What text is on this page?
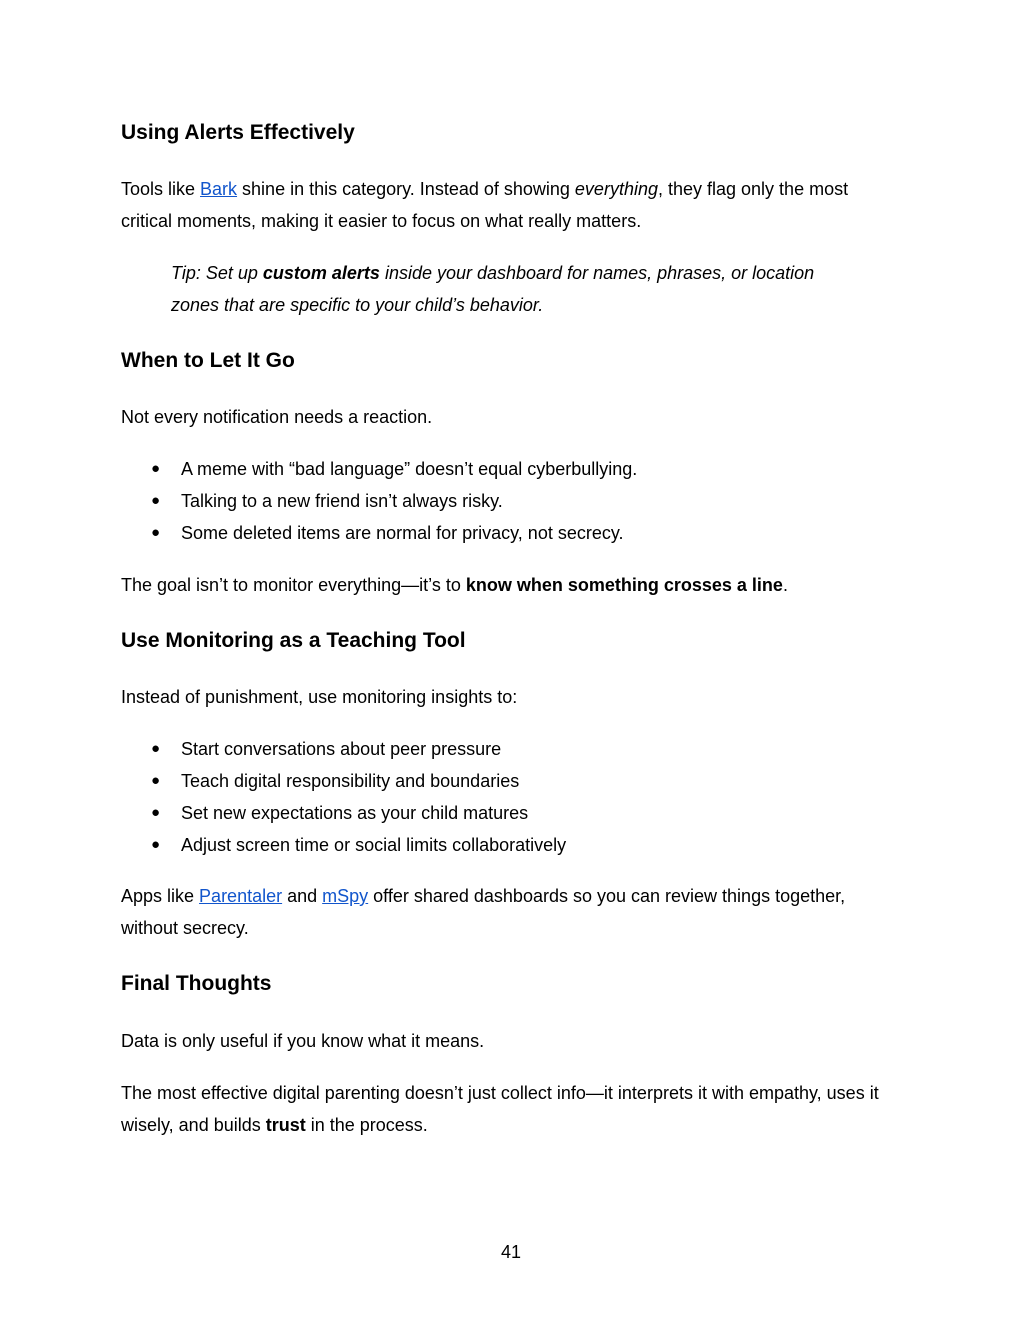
Using Alerts Effectively

Tools like Bark shine in this category. Instead of showing everything, they flag only the most

critical moments, making it easier to focus on what really matters.

Tip: Set up custom alerts inside your dashboard for names, phrases, or location

zones that are specific to your child’s behavior.

When to Let It Go

Not every notification needs a reaction.

● A meme with “bad language” doesn’t equal cyberbullying.

● Talking to a new friend isn’t always risky.

● Some deleted items are normal for privacy, not secrecy.

The goal isn’t to monitor everything—it’s to know when something crosses a line.

Use Monitoring as a Teaching Tool

Instead of punishment, use monitoring insights to:

● Start conversations about peer pressure

● Teach digital responsibility and boundaries

● Set new expectations as your child matures

● Adjust screen time or social limits collaboratively

Apps like Parentaler and mSpy offer shared dashboards so you can review things together,

without secrecy.

Final Thoughts

Data is only useful if you know what it means.

The most effective digital parenting doesn’t just collect info—it interprets it with empathy, uses it

wisely, and builds trust in the process.

41
